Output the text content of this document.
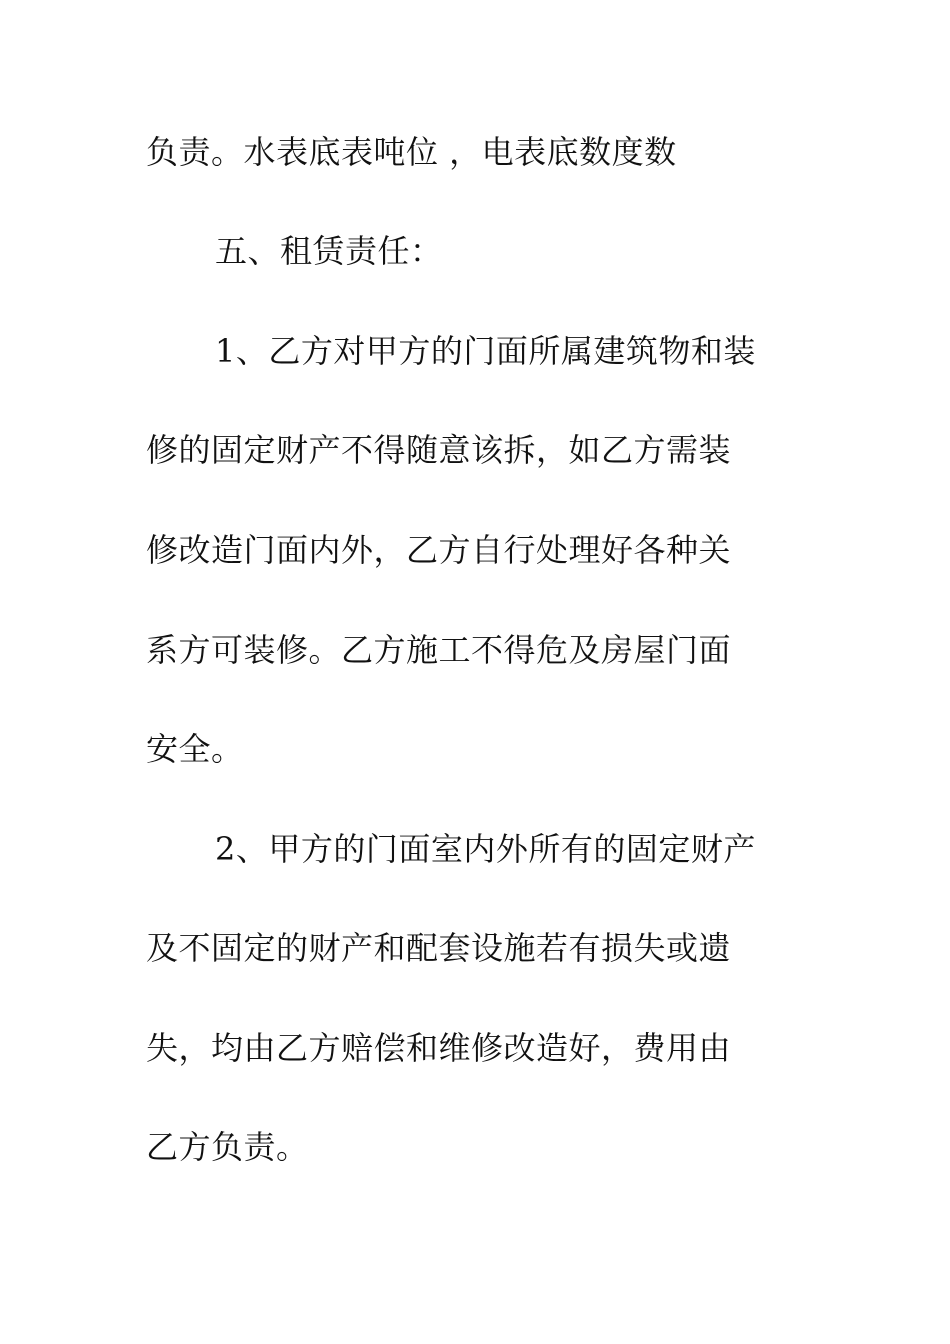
负责。水表底表吨位 ，电表底数度数
五、租赁责任：
1、乙方对甲方的门面所属建筑物和装
修的固定财产不得随意该拆，如乙方需装
修改造门面内外，乙方自行处理好各种关
系方可装修。乙方施工不得危及房屋门面
安全。
2、甲方的门面室内外所有的固定财产
及不固定的财产和配套设施若有损失或遗
失，均由乙方赔偿和维修改造好，费用由
乙方负责。
